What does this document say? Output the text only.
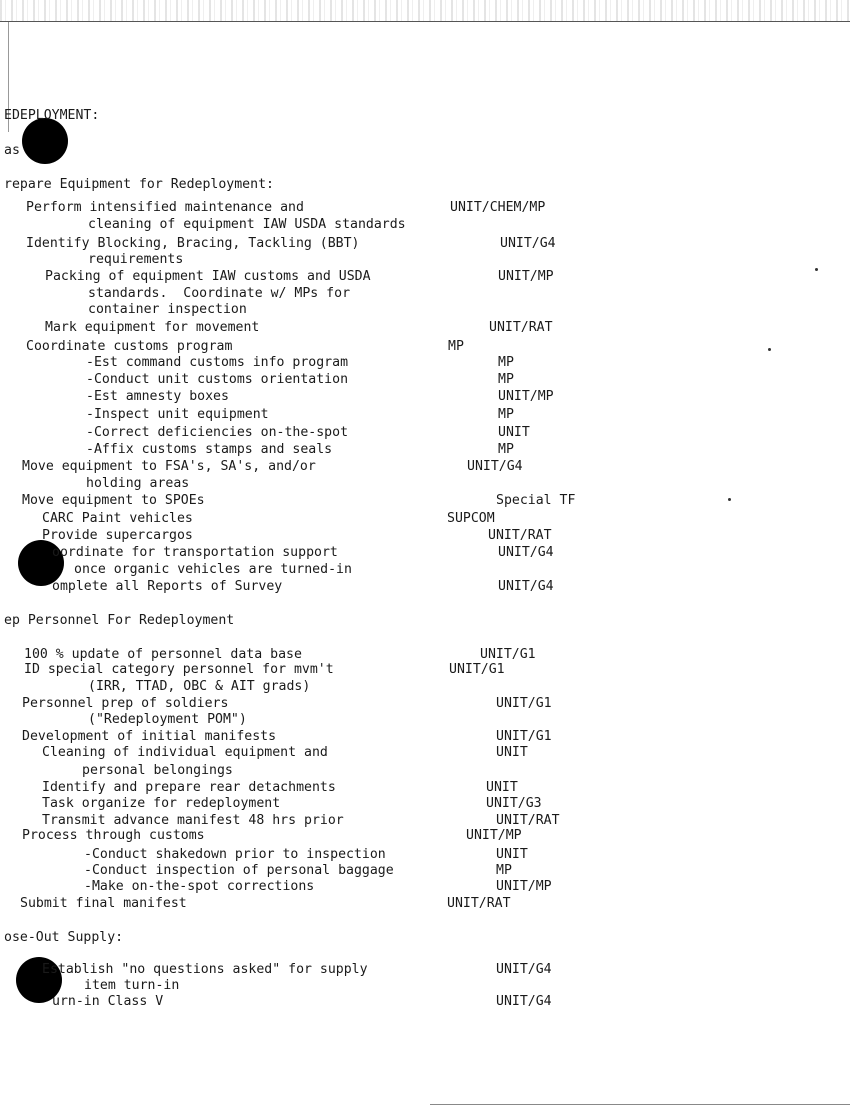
EDEPLOYMENT:
as
repare Equipment for Redeployment:
Perform intensified maintenance and	UNIT/CHEM/MP
cleaning of equipment IAW USDA standards
Identify Blocking, Bracing, Tackling (BBT)	UNIT/G4
requirements
Packing of equipment IAW customs and USDA	UNIT/MP
standards.  Coordinate w/ MPs for
container inspection
Mark equipment for movement	UNIT/RAT
Coordinate customs program	MP
-Est command customs info program	MP
-Conduct unit customs orientation	MP
-Est amnesty boxes	UNIT/MP
-Inspect unit equipment	MP
-Correct deficiencies on-the-spot	UNIT
-Affix customs stamps and seals	MP
Move equipment to FSA's, SA's, and/or	UNIT/G4
holding areas
Move equipment to SPOEs	Special TF
CARC Paint vehicles	SUPCOM
Provide supercargos	UNIT/RAT
oordinate for transportation support	UNIT/G4
once organic vehicles are turned-in
omplete all Reports of Survey	UNIT/G4
ep Personnel For Redeployment
100 % update of personnel data base	UNIT/G1
ID special category personnel for mvm't	UNIT/G1
(IRR, TTAD, OBC & AIT grads)
Personnel prep of soldiers	UNIT/G1
("Redeployment POM")
Development of initial manifests	UNIT/G1
Cleaning of individual equipment and	UNIT
personal belongings
Identify and prepare rear detachments	UNIT
Task organize for redeployment	UNIT/G3
Transmit advance manifest 48 hrs prior	UNIT/RAT
Process through customs	UNIT/MP
-Conduct shakedown prior to inspection	UNIT
-Conduct inspection of personal baggage	MP
-Make on-the-spot corrections	UNIT/MP
Submit final manifest	UNIT/RAT
ose-Out Supply:
Establish "no questions asked" for supply	UNIT/G4
item turn-in
urn-in Class V	UNIT/G4
